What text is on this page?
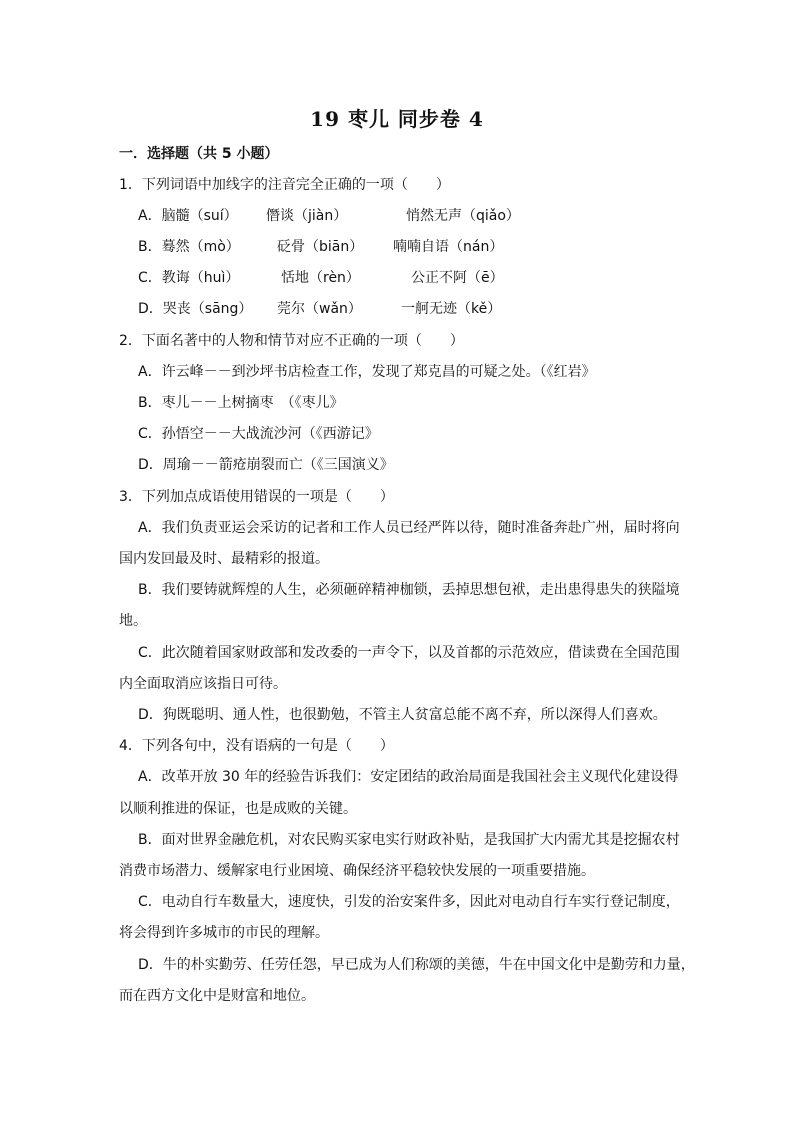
19 枣儿 同步卷 4
一．选择题（共 5 小题）
1．下列词语中加线字的注音完全正确的一项（　　）
A．脑髓（suí） 僭谈（jiàn）	悄然无声（qiǎo）
B．蓦然（mò）	砭骨（biān） 喃喃自语（nán）
C．教诲（huì）	恬地（rèn）	公正不阿（ē）
D．哭丧（sāng） 莞尔（wǎn）	一舸无迹（kě）
2．下面名著中的人物和情节对应不正确的一项（　　）
A．许云峰－－到沙坪书店检查工作，发现了郑克昌的可疑之处。（《红岩》
B．枣儿－－上树摘枣　（《枣儿》
C．孙悟空－－大战流沙河（《西游记》
D．周瑜－－箭疮崩裂而亡（《三国演义》
3．下列加点成语使用错误的一项是（　　）
A．我们负责亚运会采访的记者和工作人员已经严阵以待，随时准备奔赴广州，届时将向
国内发回最及时、最精彩的报道。
B．我们要铸就辉煌的人生，必须砸碎精神枷锁，丢掉思想包袱，走出患得患失的狭隘境
地。
C．此次随着国家财政部和发改委的一声令下，以及首都的示范效应，借读费在全国范围
内全面取消应该指日可待。
D．狗既聪明、通人性，也很勤勉，不管主人贫富总能不离不弃，所以深得人们喜欢。
4．下列各句中，没有语病的一句是（　　）
A．改革开放 30 年的经验告诉我们：安定团结的政治局面是我国社会主义现代化建设得
以顺利推进的保证，也是成败的关键。
B．面对世界金融危机，对农民购买家电实行财政补贴，是我国扩大内需尤其是挖掘农村
消费市场潜力、缓解家电行业困境、确保经济平稳较快发展的一项重要措施。
C．电动自行车数量大，速度快，引发的治安案件多，因此对电动自行车实行登记制度，
将会得到许多城市的市民的理解。
D．牛的朴实勤劳、任劳任怨，早已成为人们称颂的美德，牛在中国文化中是勤劳和力量，
而在西方文化中是财富和地位。
